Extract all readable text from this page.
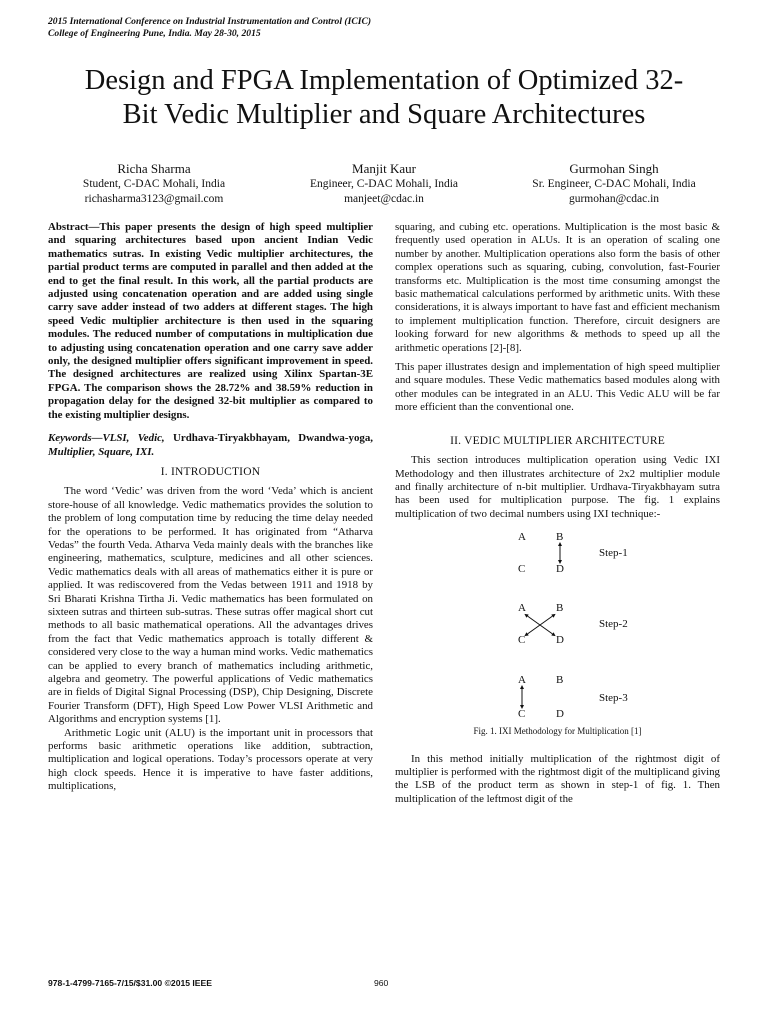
2015 International Conference on Industrial Instrumentation and Control (ICIC)
College of Engineering Pune, India. May 28-30, 2015
Design and FPGA Implementation of Optimized 32-
Bit Vedic Multiplier and Square Architectures
Richa Sharma
Student, C-DAC Mohali, India
richasharma3123@gmail.com
Manjit Kaur
Engineer, C-DAC Mohali, India
manjeet@cdac.in
Gurmohan Singh
Sr. Engineer, C-DAC Mohali, India
gurmohan@cdac.in

Abstract—This paper presents the design of high speed multiplier and squaring architectures based upon ancient Indian Vedic mathematics sutras. In existing Vedic multiplier architectures, the partial product terms are computed in parallel and then added at the end to get the final result. In this work, all the partial products are adjusted using concatenation operation and are added using single carry save adder instead of two adders at different stages. The high speed Vedic multiplier architecture is then used in the squaring modules. The reduced number of computations in multiplication due to adjusting using concatenation operation and one carry save adder only, the designed multiplier offers significant improvement in speed. The designed architectures are realized using Xilinx Spartan-3E FPGA. The comparison shows the 28.72% and 38.59% reduction in propagation delay for the designed 32-bit multiplier as compared to the existing multiplier designs.

Keywords—VLSI, Vedic, Urdhava-Tiryakbhayam, Dwandwa-yoga, Multiplier, Square, IXI.

I. INTRODUCTION

The word ‘Vedic’ was driven from the word ‘Veda’ which is ancient store-house of all knowledge. Vedic mathematics provides the solution to the problem of long computation time by reducing the time delay needed for the operations to be performed. It has originated from “Atharva Vedas” the fourth Veda. Atharva Veda mainly deals with the branches like engineering, mathematics, sculpture, medicines and all other sciences. Vedic mathematics deals with all areas of mathematics either it is pure or applied. It was rediscovered from the Vedas between 1911 and 1918 by Sri Bharati Krishna Tirtha Ji. Vedic mathematics has been formulated on sixteen sutras and thirteen sub-sutras. These sutras offer magical short cut methods to all basic mathematical operations. All the advantages drives from the fact that Vedic mathematics approach is totally different & considered very close to the way a human mind works. Vedic mathematics can be applied to every branch of mathematics including arithmetic, algebra and geometry. The powerful applications of Vedic mathematics are in fields of Digital Signal Processing (DSP), Chip Designing, Discrete Fourier Transform (DFT), High Speed Low Power VLSI Arithmetic and Algorithms and encryption systems [1].

Arithmetic Logic unit (ALU) is the important unit in processors that performs basic arithmetic operations like addition, subtraction, multiplication and logical operations. Today’s processors operate at very high clock speeds. Hence it is imperative to have faster additions, multiplications,

squaring, and cubing etc. operations. Multiplication is the most basic & frequently used operation in ALUs. It is an operation of scaling one number by another. Multiplication operations also form the basis of other complex operations such as squaring, cubing, convolution, fast-Fourier transforms etc. Multiplication is the most time consuming amongst the basic mathematical calculations performed by arithmetic units. With these considerations, it is always important to have fast and efficient mechanism to implement multiplication function. Therefore, circuit designers are looking forward for new algorithms & methods to speed up all the arithmetic operations [2]-[8].

This paper illustrates design and implementation of high speed multiplier and square modules. These Vedic mathematics based modules along with other modules can be integrated in an ALU. This Vedic ALU will be far more efficient than the conventional one.

II. VEDIC MULTIPLIER ARCHITECTURE

This section introduces multiplication operation using Vedic IXI Methodology and then illustrates architecture of 2x2 multiplier module and finally architecture of n-bit multiplier. Urdhava-Tiryakbhayam sutra has been used for multiplication purpose. The fig. 1 explains multiplication of two decimal numbers using IXI technique:-

A	B
C	D
Step-1
A	B
C	D
Step-2
A	B
C	D
Step-3

Fig. 1. IXI Methodology for Multiplication [1]

In this method initially multiplication of the rightmost digit of multiplier is performed with the rightmost digit of the multiplicand giving the LSB of the product term as shown in step-1 of fig. 1. Then multiplication of the leftmost digit of the

978-1-4799-7165-7/15/$31.00 ©2015 IEEE	960
